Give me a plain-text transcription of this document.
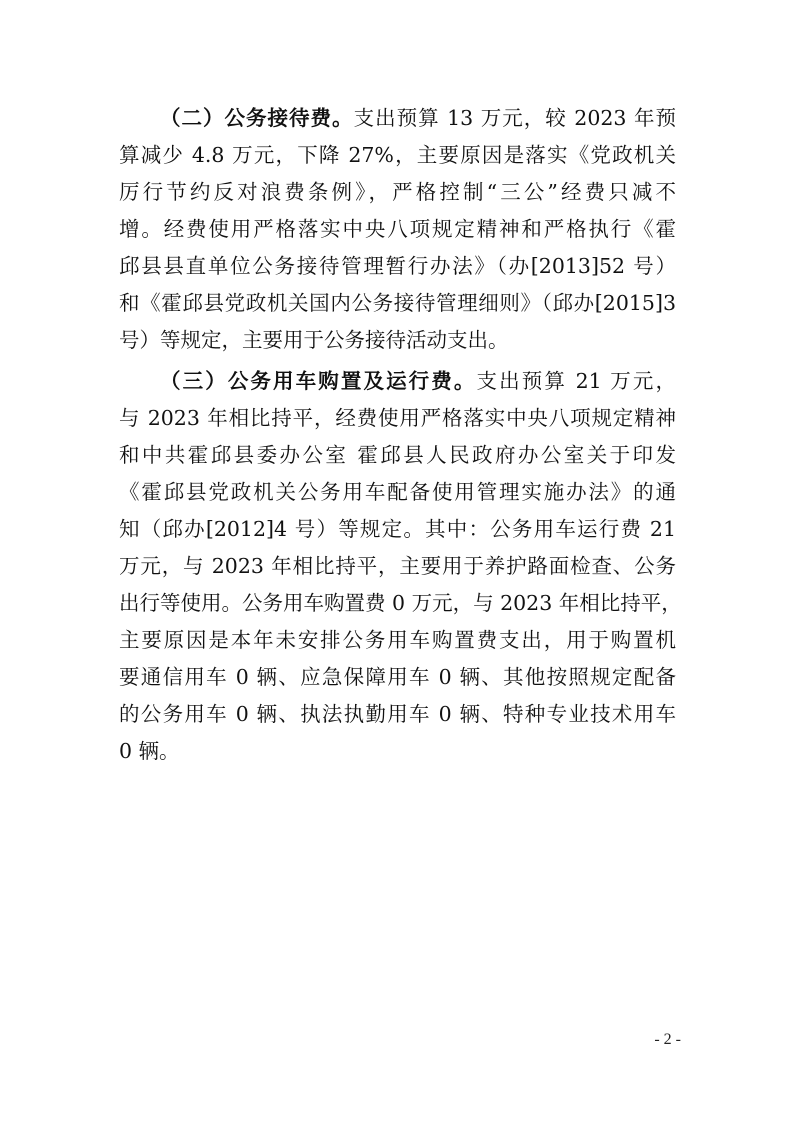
（二）公务接待费。支出预算 13 万元，较 2023 年预
算减少 4.8 万元，下降 27%，主要原因是落实《党政机关
厉行节约反对浪费条例》，严格控制“三公”经费只减不
增。经费使用严格落实中央八项规定精神和严格执行《霍
邱县县直单位公务接待管理暂行办法》（办[2013]52 号）
和《霍邱县党政机关国内公务接待管理细则》（邱办[2015]3
号）等规定，主要用于公务接待活动支出。
（三）公务用车购置及运行费。支出预算 21 万元，
与 2023 年相比持平，经费使用严格落实中央八项规定精神
和中共霍邱县委办公室 霍邱县人民政府办公室关于印发
《霍邱县党政机关公务用车配备使用管理实施办法》的通
知（邱办[2012]4 号）等规定。其中：公务用车运行费 21
万元，与 2023 年相比持平，主要用于养护路面检查、公务
出行等使用。公务用车购置费 0 万元，与 2023 年相比持平，
主要原因是本年未安排公务用车购置费支出，用于购置机
要通信用车 0 辆、应急保障用车 0 辆、其他按照规定配备
的公务用车 0 辆、执法执勤用车 0 辆、特种专业技术用车
0 辆。
- 2 -
